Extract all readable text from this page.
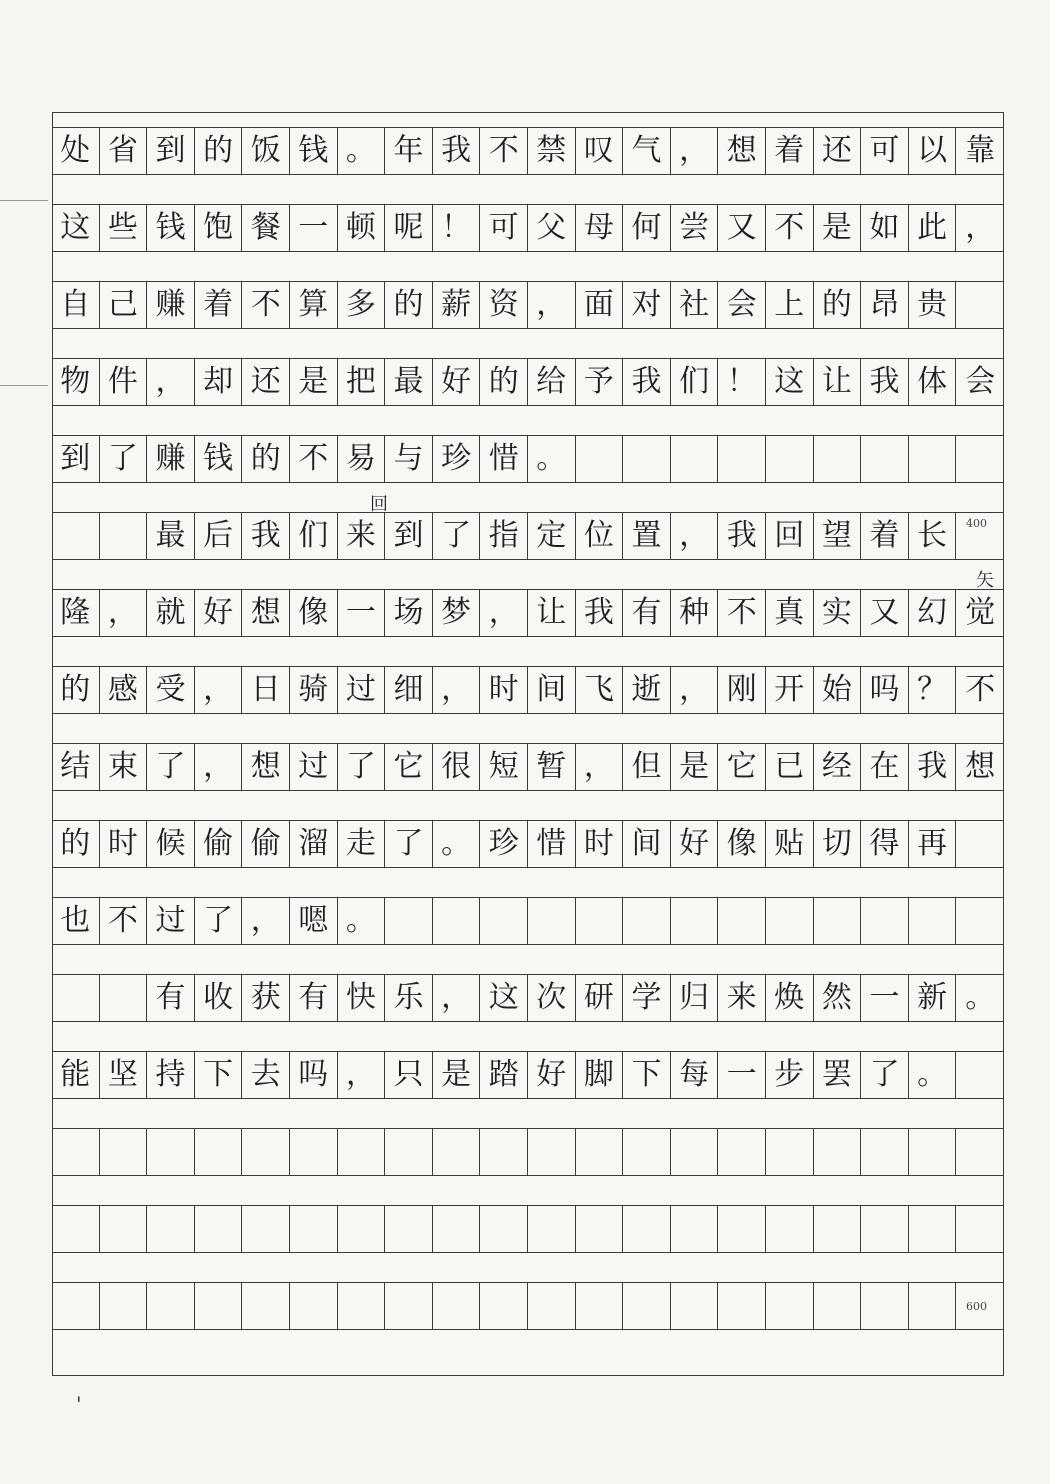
处 省 到 的 饭 钱 。 年 我 不 禁 叹 气 ， 想 着 还 可 以 靠
这 些 钱 饱 餐 一 顿 呢 ！ 可 父 母 何 尝 又 不 是 如 此 ，
自 己 赚 着 不 算 多 的 薪 资 ， 面 对 社 会 上 的 昂 贵
物 件 ， 却 还 是 把 最 好 的 给 予 我 们 ！ 这 让 我 体 会
到 了 赚 钱 的 不 易 与 珍 惜 。
最 后 我 们 来 到 了 指 定 位 置 ， 我 回 望 着 长
隆 ， 就 好 想 像 一 场 梦 ， 让 我 有 种 不 真 实 又 幻 觉
的 感 受 ， 日 骑 过 细 ， 时 间 飞 逝 ， 刚 开 始 吗 ？ 不
结 束 了 ， 想 过 了 它 很 短 暂 ， 但 是 它 已 经 在 我 想
的 时 候 偷 偷 溜 走 了 。 珍 惜 时 间 好 像 贴 切 得 再
也 不 过 了 ， 嗯 。
有 收 获 有 快 乐 ， 这 次 研 学 归 来 焕 然 一 新 。
能 坚 持 下 去 吗 ， 只 是 踏 好 脚 下 每 一 步 罢 了 。
回
矢
400
600
'
